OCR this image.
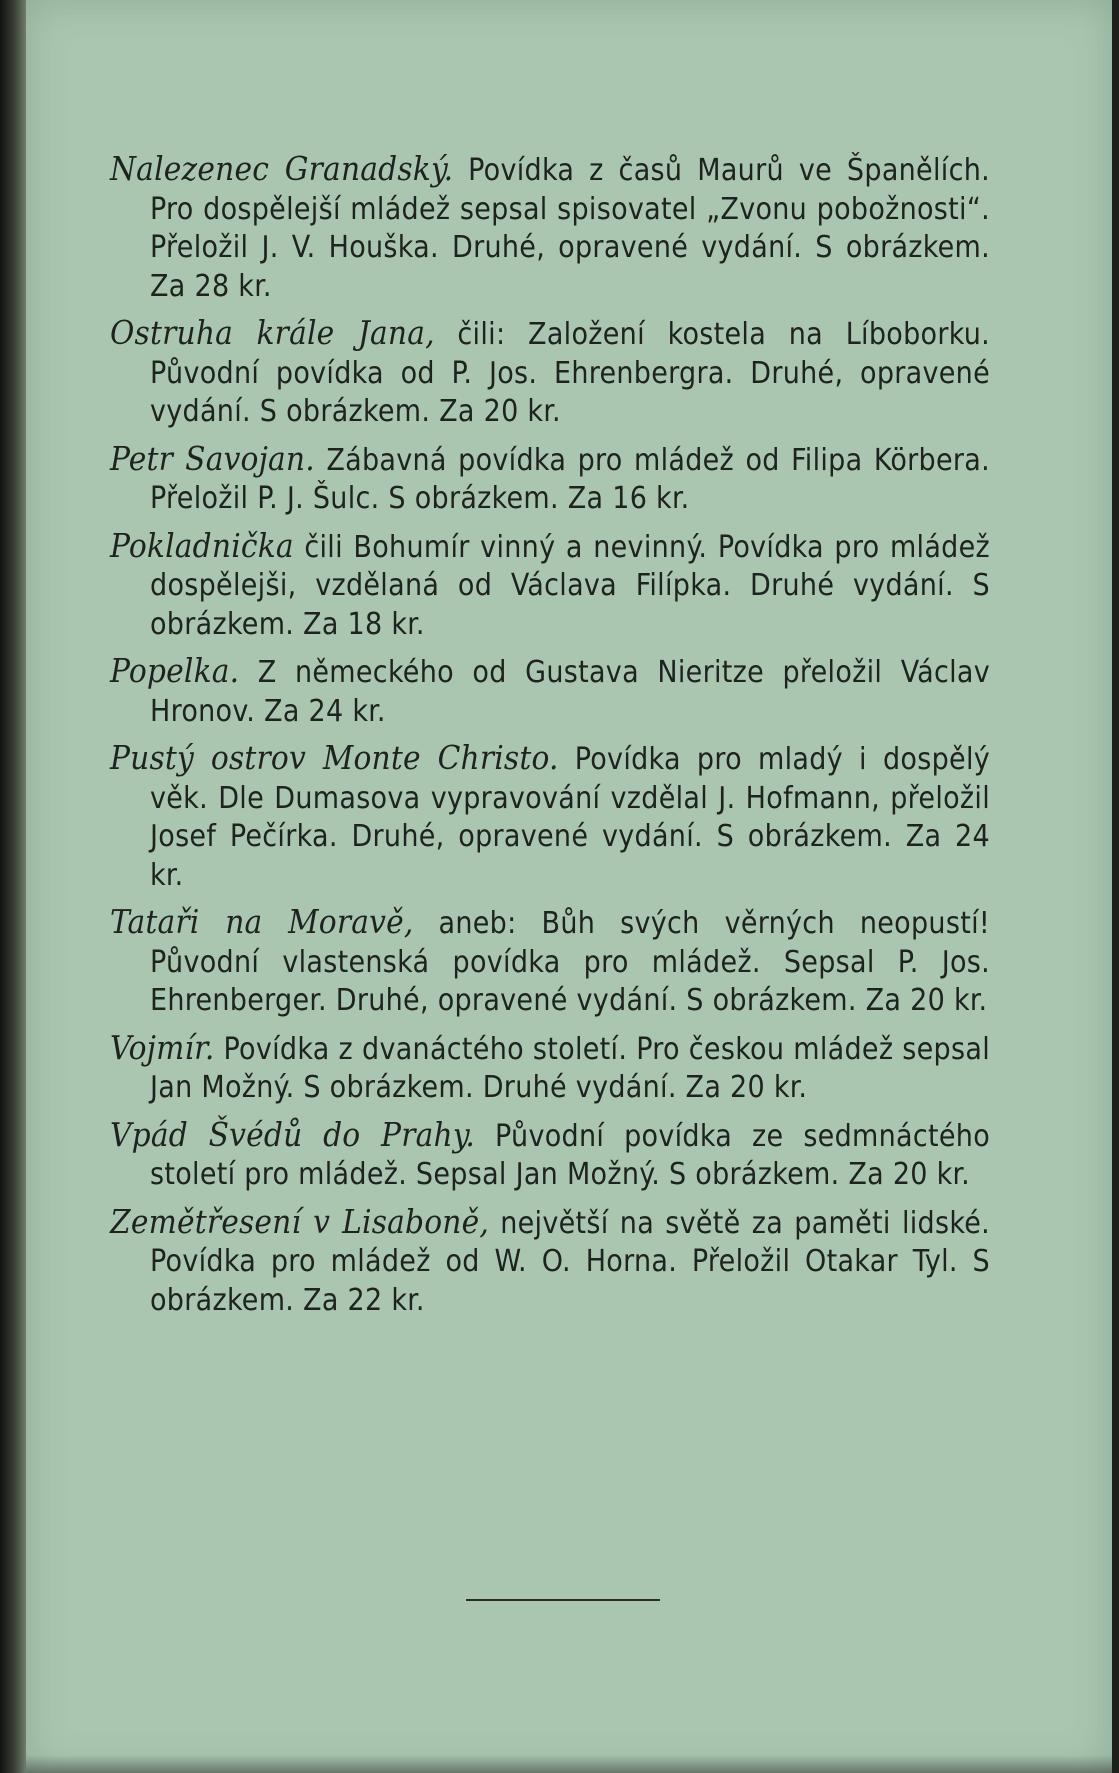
Nalezenec Granadský. Povídka z časů Maurů ve Španělích. Pro dospělejší mládež sepsal spisovatel „Zvonu pobožnosti“. Přeložil J. V. Houška. Druhé, opravené vydání. S obrázkem. Za 28 kr.
Ostruha krále Jana, čili: Založení kostela na Líboborku. Původní povídka od P. Jos. Ehrenbergra. Druhé, opravené vydání. S obrázkem. Za 20 kr.
Petr Savojan. Zábavná povídka pro mládež od Filipa Körbera. Přeložil P. J. Šulc. S obrázkem. Za 16 kr.
Pokladnička čili Bohumír vinný a nevinný. Povídka pro mládež dospělejši, vzdělaná od Václava Filípka. Druhé vydání. S obrázkem. Za 18 kr.
Popelka. Z německého od Gustava Nieritze přeložil Václav Hronov. Za 24 kr.
Pustý ostrov Monte Christo. Povídka pro mladý i dospělý věk. Dle Dumasova vypravování vzdělal J. Hofmann, přeložil Josef Pečírka. Druhé, opravené vydání. S obrázkem. Za 24 kr.
Tataři na Moravě, aneb: Bůh svých věrných neopustí! Původní vlastenská povídka pro mládež. Sepsal P. Jos. Ehrenberger. Druhé, opravené vydání. S obrázkem. Za 20 kr.
Vojmír. Povídka z dvanáctého století. Pro českou mládež sepsal Jan Možný. S obrázkem. Druhé vydání. Za 20 kr.
Vpád Švédů do Prahy. Původní povídka ze sedmnáctého století pro mládež. Sepsal Jan Možný. S obrázkem. Za 20 kr.
Zemětřesení v Lisaboně, největší na světě za paměti lidské. Povídka pro mládež od W. O. Horna. Přeložil Otakar Tyl. S obrázkem. Za 22 kr.
